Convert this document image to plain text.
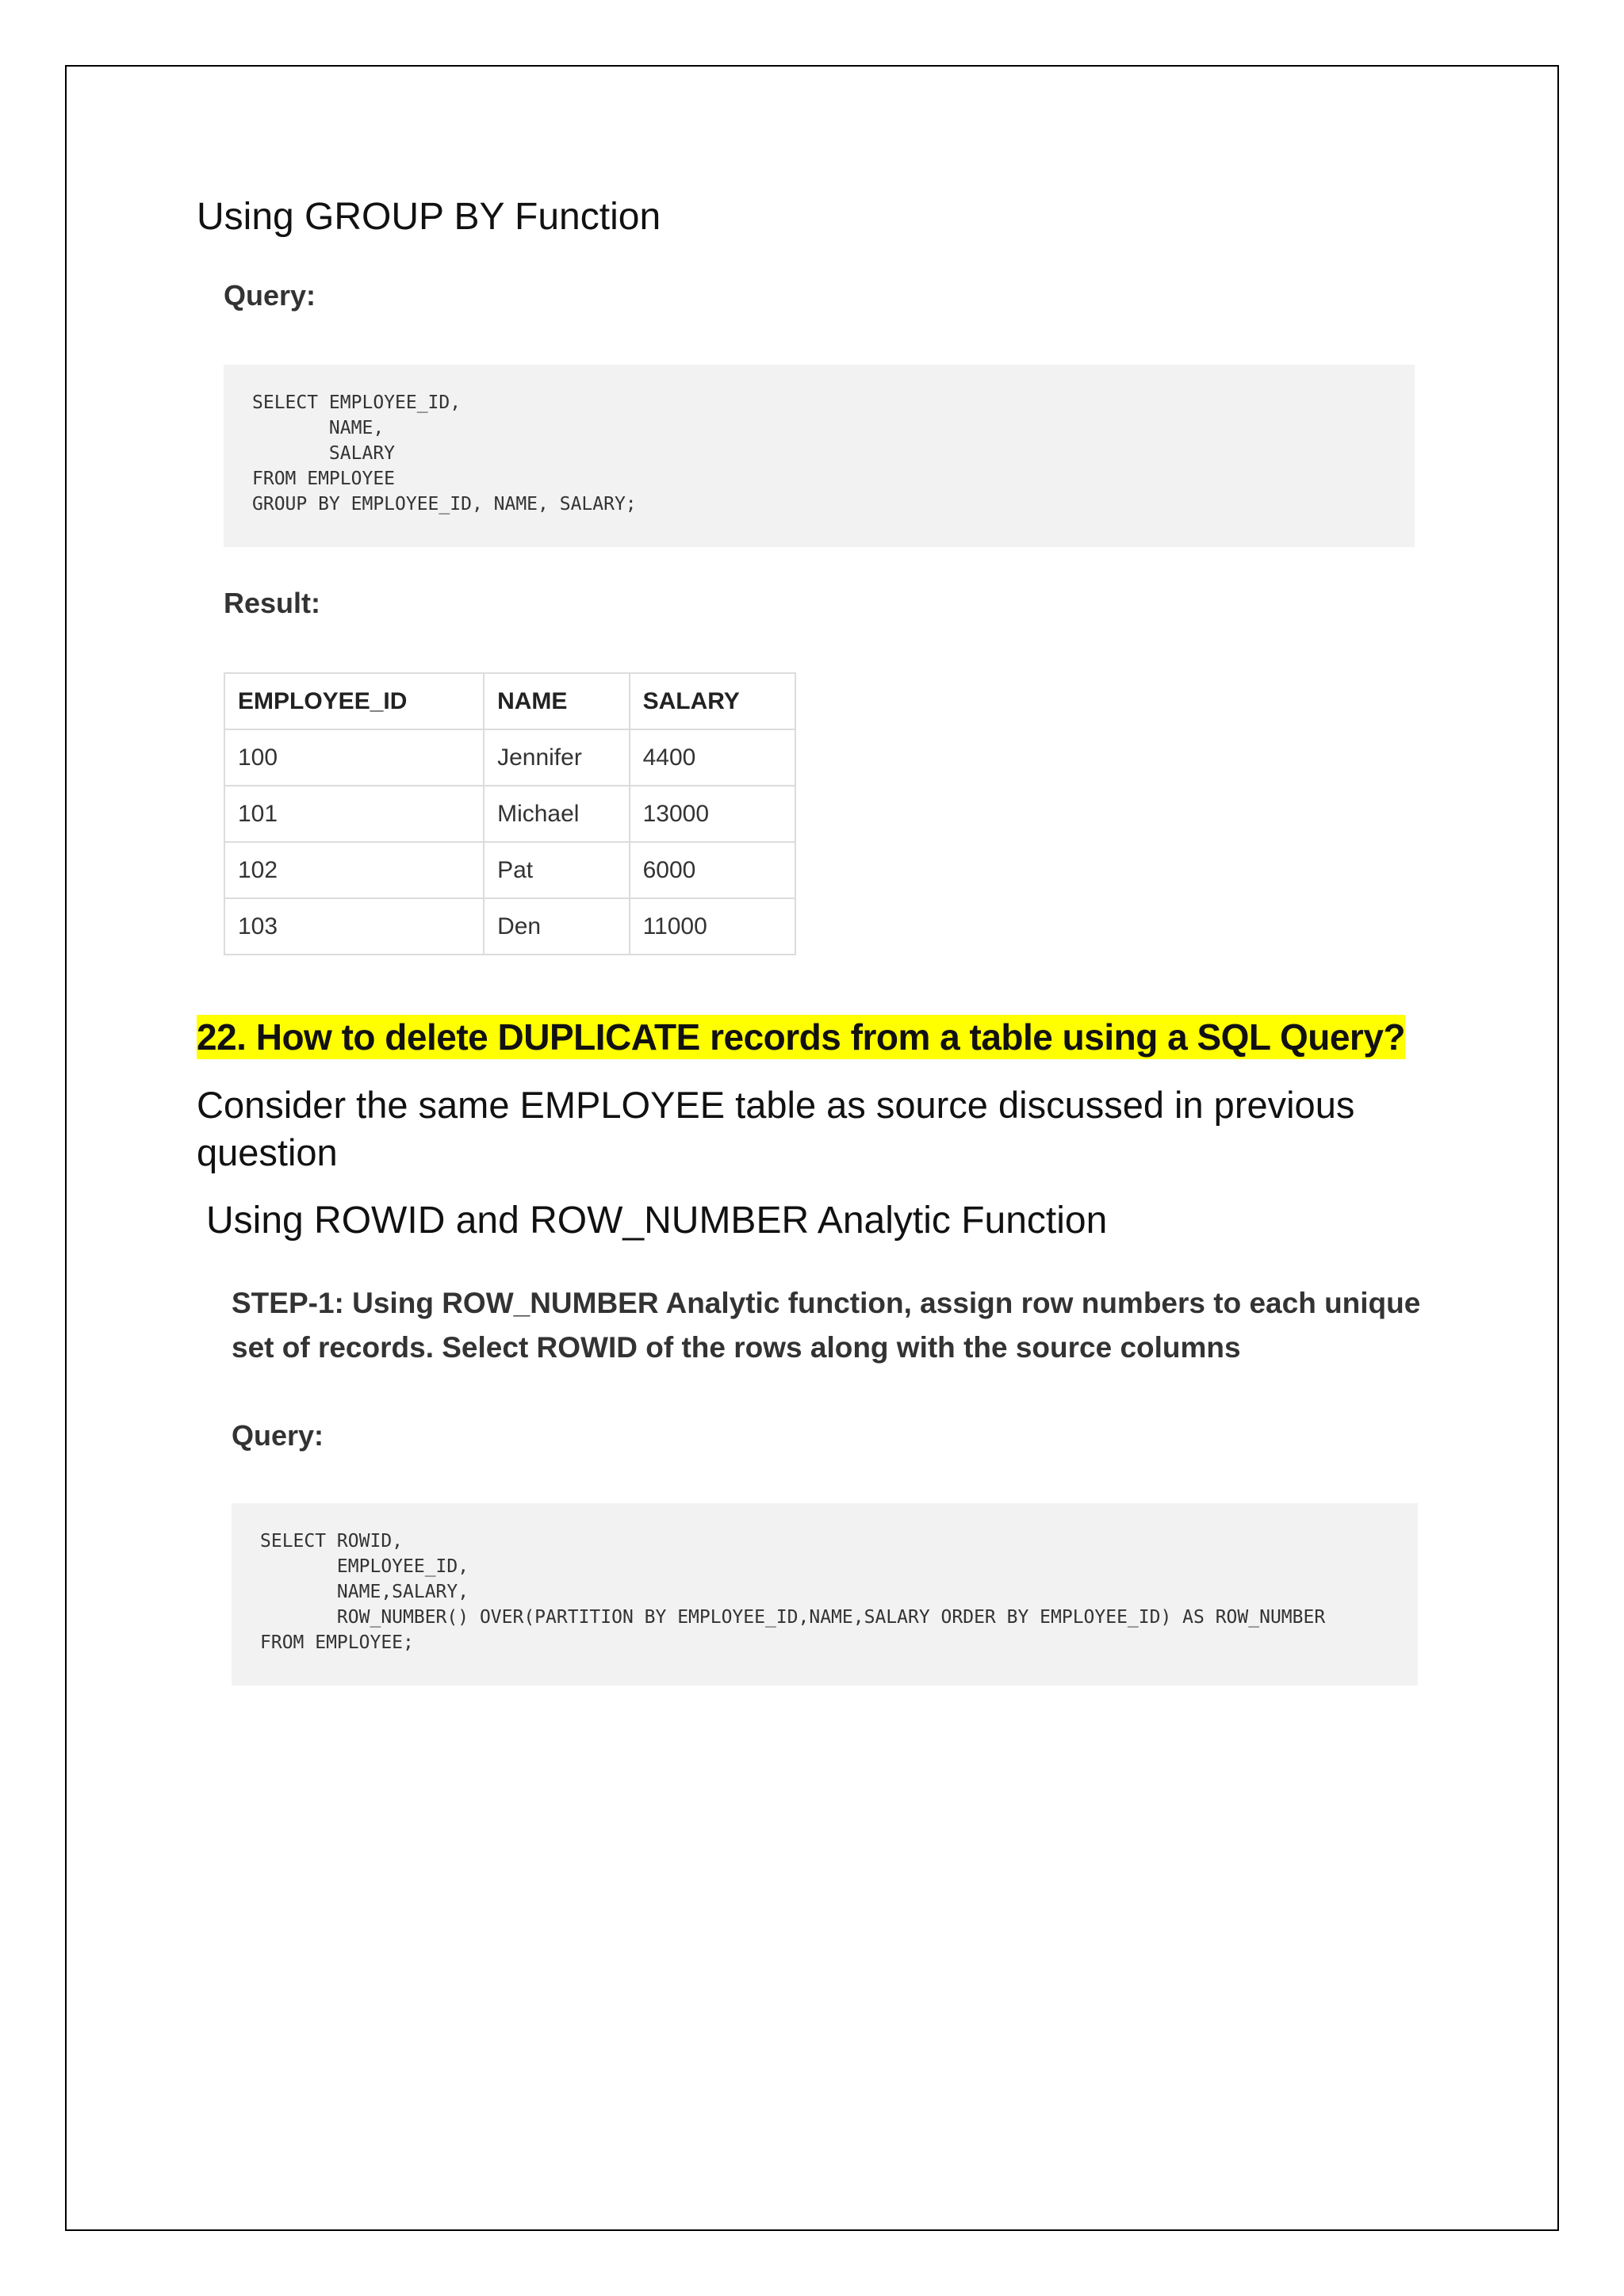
Using GROUP BY Function
Query:
SELECT EMPLOYEE_ID,
NAME,
SALARY
FROM EMPLOYEE
GROUP BY EMPLOYEE_ID, NAME, SALARY;
Result:
EMPLOYEE_ID	NAME	SALARY
100	Jennifer	4400
101	Michael	13000
102	Pat	6000
103	Den	11000
22. How to delete DUPLICATE records from a table using a SQL Query?
Consider the same EMPLOYEE table as source discussed in previous question
Using ROWID and ROW_NUMBER Analytic Function
STEP-1: Using ROW_NUMBER Analytic function, assign row numbers to each unique set of records. Select ROWID of the rows along with the source columns
Query:
SELECT ROWID,
EMPLOYEE_ID,
NAME,SALARY,
ROW_NUMBER() OVER(PARTITION BY EMPLOYEE_ID,NAME,SALARY ORDER BY EMPLOYEE_ID) AS ROW_NUMBER
FROM EMPLOYEE;
